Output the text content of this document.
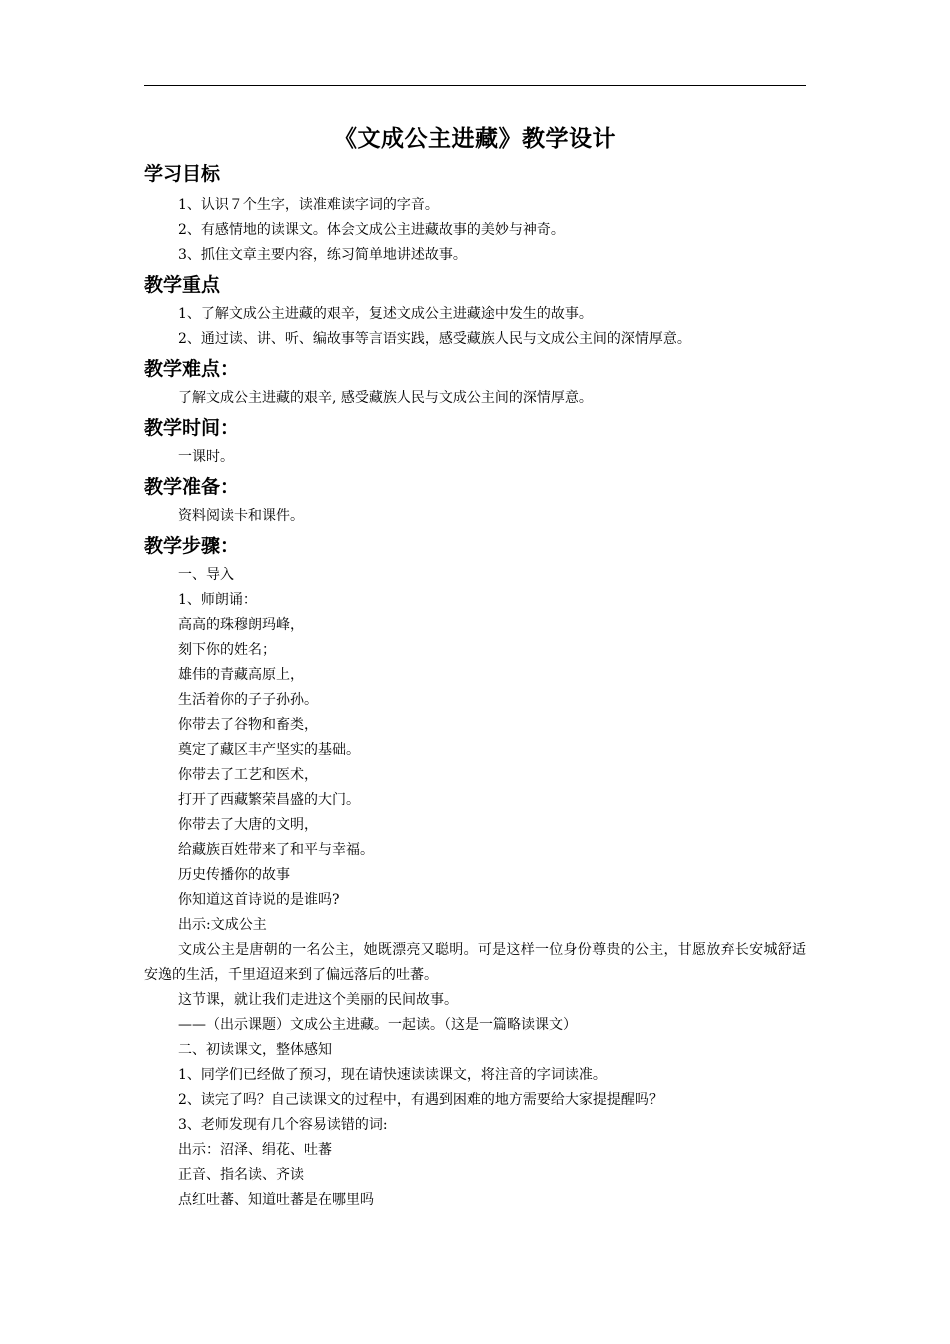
《文成公主进藏》教学设计
学习目标
1、认识７个生字，读准难读字词的字音。
2、有感情地的读课文。体会文成公主进藏故事的美妙与神奇。
3、抓住文章主要内容，练习简单地讲述故事。
教学重点
1、了解文成公主进藏的艰辛，复述文成公主进藏途中发生的故事。
2、通过读、讲、听、编故事等言语实践，感受藏族人民与文成公主间的深情厚意。
教学难点：
了解文成公主进藏的艰辛, 感受藏族人民与文成公主间的深情厚意。
教学时间：
一课时。
教学准备：
资料阅读卡和课件。
教学步骤：
一、导入
1、师朗诵：
高高的珠穆朗玛峰，
刻下你的姓名；
雄伟的青藏高原上，
生活着你的子子孙孙。
你带去了谷物和畜类，
奠定了藏区丰产坚实的基础。
你带去了工艺和医术，
打开了西藏繁荣昌盛的大门。
你带去了大唐的文明，
给藏族百姓带来了和平与幸福。
历史传播你的故事
你知道这首诗说的是谁吗?
出示:文成公主
文成公主是唐朝的一名公主，她既漂亮又聪明。可是这样一位身份尊贵的公主，甘愿放弃长安城舒适安逸的生活，千里迢迢来到了偏远落后的吐蕃。
这节课，就让我们走进这个美丽的民间故事。
——（出示课题）文成公主进藏。一起读。（这是一篇略读课文）
二、初读课文，整体感知
1、同学们已经做了预习，现在请快速读读课文，将注音的字词读准。
2、读完了吗？自己读课文的过程中，有遇到困难的地方需要给大家提提醒吗？
3、老师发现有几个容易读错的词:
出示：沼泽、绢花、吐蕃
正音、指名读、齐读
点红吐蕃、知道吐蕃是在哪里吗
